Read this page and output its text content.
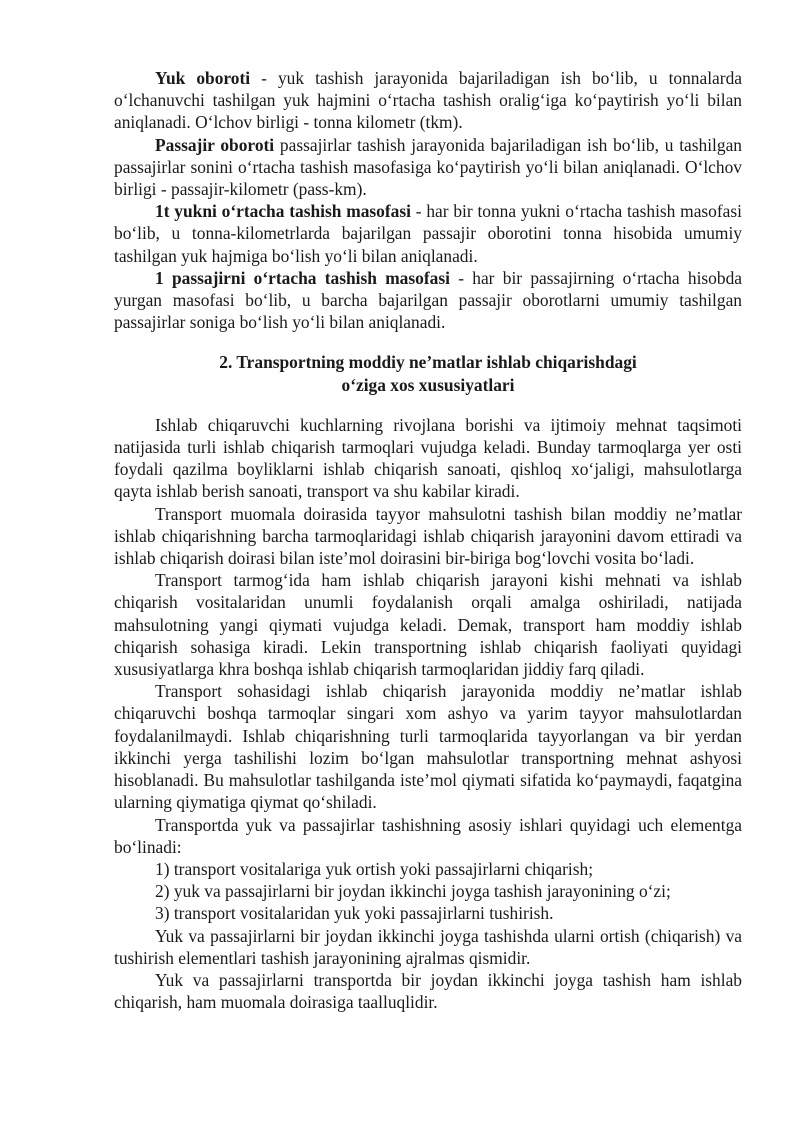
Yuk oboroti - yuk tashish jarayonida bajariladigan ish bo‘lib, u tonnalarda o‘lchanuvchi tashilgan yuk hajmini o‘rtacha tashish oralig‘iga ko‘paytirish yo‘li bilan aniqlanadi. O‘lchov birligi - tonna kilometr (tkm).

Passajir oboroti passajirlar tashish jarayonida bajariladigan ish bo‘lib, u tashilgan passajirlar sonini o‘rtacha tashish masofasiga ko‘paytirish yo‘li bilan aniqlanadi. O‘lchov birligi - passajir-kilometr (pass-km).

1t yukni o‘rtacha tashish masofasi - har bir tonna yukni o‘rtacha tashish masofasi bo‘lib, u tonna-kilometrlarda bajarilgan passajir oborotini tonna hisobida umumiy tashilgan yuk hajmiga bo‘lish yo‘li bilan aniqlanadi.

1 passajirni o‘rtacha tashish masofasi - har bir passajirning o‘rtacha hisobda yurgan masofasi bo‘lib, u barcha bajarilgan passajir oborotlarni umumiy tashilgan passajirlar soniga bo‘lish yo‘li bilan aniqlanadi.

2. Transportning moddiy ne’matlar ishlab chiqarishdagi
o‘ziga xos xususiyatlari

Ishlab chiqaruvchi kuchlarning rivojlana borishi va ijtimoiy mehnat taqsimoti natijasida turli ishlab chiqarish tarmoqlari vujudga keladi. Bunday tarmoqlarga yer osti foydali qazilma boyliklarni ishlab chiqarish sanoati, qishloq xo‘jaligi, mahsulotlarga qayta ishlab berish sanoati, transport va shu kabilar kiradi.

Transport muomala doirasida tayyor mahsulotni tashish bilan moddiy ne’matlar ishlab chiqarishning barcha tarmoqlaridagi ishlab chiqarish jarayonini davom ettiradi va ishlab chiqarish doirasi bilan iste’mol doirasini bir-biriga bog‘lovchi vosita bo‘ladi.

Transport tarmog‘ida ham ishlab chiqarish jarayoni kishi mehnati va ishlab chiqarish vositalaridan unumli foydalanish orqali amalga oshiriladi, natijada mahsulotning yangi qiymati vujudga keladi. Demak, transport ham moddiy ishlab chiqarish sohasiga kiradi. Lekin transportning ishlab chiqarish faoliyati quyidagi xususiyatlarga khra boshqa ishlab chiqarish tarmoqlaridan jiddiy farq qiladi.

Transport sohasidagi ishlab chiqarish jarayonida moddiy ne’matlar ishlab chiqaruvchi boshqa tarmoqlar singari xom ashyo va yarim tayyor mahsulotlardan foydalanilmaydi. Ishlab chiqarishning turli tarmoqlarida tayyorlangan va bir yerdan ikkinchi yerga tashilishi lozim bo‘lgan mahsulotlar transportning mehnat ashyosi hisoblanadi. Bu mahsulotlar tashilganda iste’mol qiymati sifatida ko‘paymaydi, faqatgina ularning qiymatiga qiymat qo‘shiladi.

Transportda yuk va passajirlar tashishning asosiy ishlari quyidagi uch elementga bo‘linadi:

1) transport vositalariga yuk ortish yoki passajirlarni chiqarish;

2) yuk va passajirlarni bir joydan ikkinchi joyga tashish jarayonining o‘zi;

3) transport vositalaridan yuk yoki passajirlarni tushirish.

Yuk va passajirlarni bir joydan ikkinchi joyga tashishda ularni ortish (chiqarish) va tushirish elementlari tashish jarayonining ajralmas qismidir.

Yuk va passajirlarni transportda bir joydan ikkinchi joyga tashish ham ishlab chiqarish, ham muomala doirasiga taalluqlidir.
